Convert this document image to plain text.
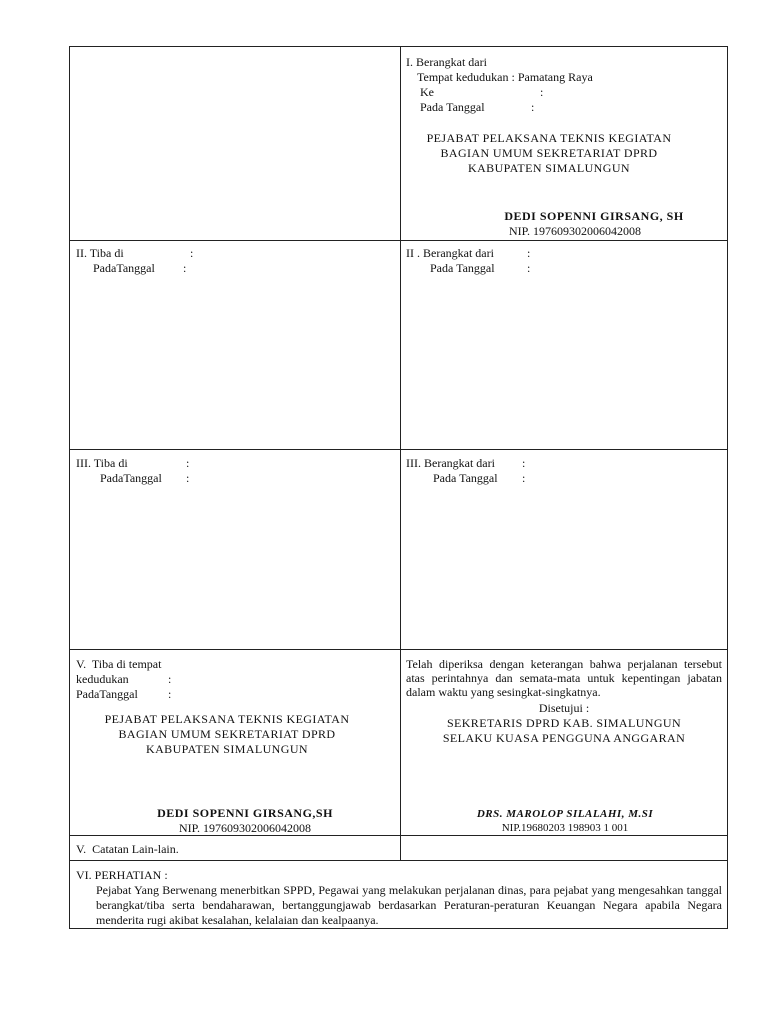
I. Berangkat dari
Tempat kedudukan : Pamatang Raya
Ke	:
Pada Tanggal	:
PEJABAT PELAKSANA TEKNIS KEGIATAN
BAGIAN UMUM SEKRETARIAT DPRD
KABUPATEN SIMALUNGUN
DEDI SOPENNI GIRSANG, SH
NIP. 197609302006042008
II. Tiba di	:
PadaTanggal :
II . Berangkat dari	:
Pada Tanggal	:
III. Tiba di	:
PadaTanggal :
III. Berangkat dari :
Pada Tanggal :
V.  Tiba di tempat
kedudukan	:
PadaTanggal	:
PEJABAT PELAKSANA TEKNIS KEGIATAN
BAGIAN UMUM SEKRETARIAT DPRD
KABUPATEN SIMALUNGUN
DEDI SOPENNI GIRSANG,SH
NIP. 197609302006042008
Telah diperiksa dengan keterangan bahwa perjalanan tersebut atas perintahnya dan semata-mata untuk kepentingan jabatan dalam waktu yang sesingkat-singkatnya.
Disetujui :
SEKRETARIS DPRD KAB. SIMALUNGUN
SELAKU KUASA PENGGUNA ANGGARAN
DRS. MAROLOP SILALAHI, M.SI
NIP.19680203 198903 1 001
V.  Catatan Lain-lain.
VI. PERHATIAN :
Pejabat Yang Berwenang menerbitkan SPPD, Pegawai yang melakukan perjalanan dinas, para pejabat yang mengesahkan tanggal berangkat/tiba serta bendaharawan, bertanggungjawab berdasarkan Peraturan-peraturan Keuangan Negara apabila Negara menderita rugi akibat kesalahan, kelalaian dan kealpaanya.
